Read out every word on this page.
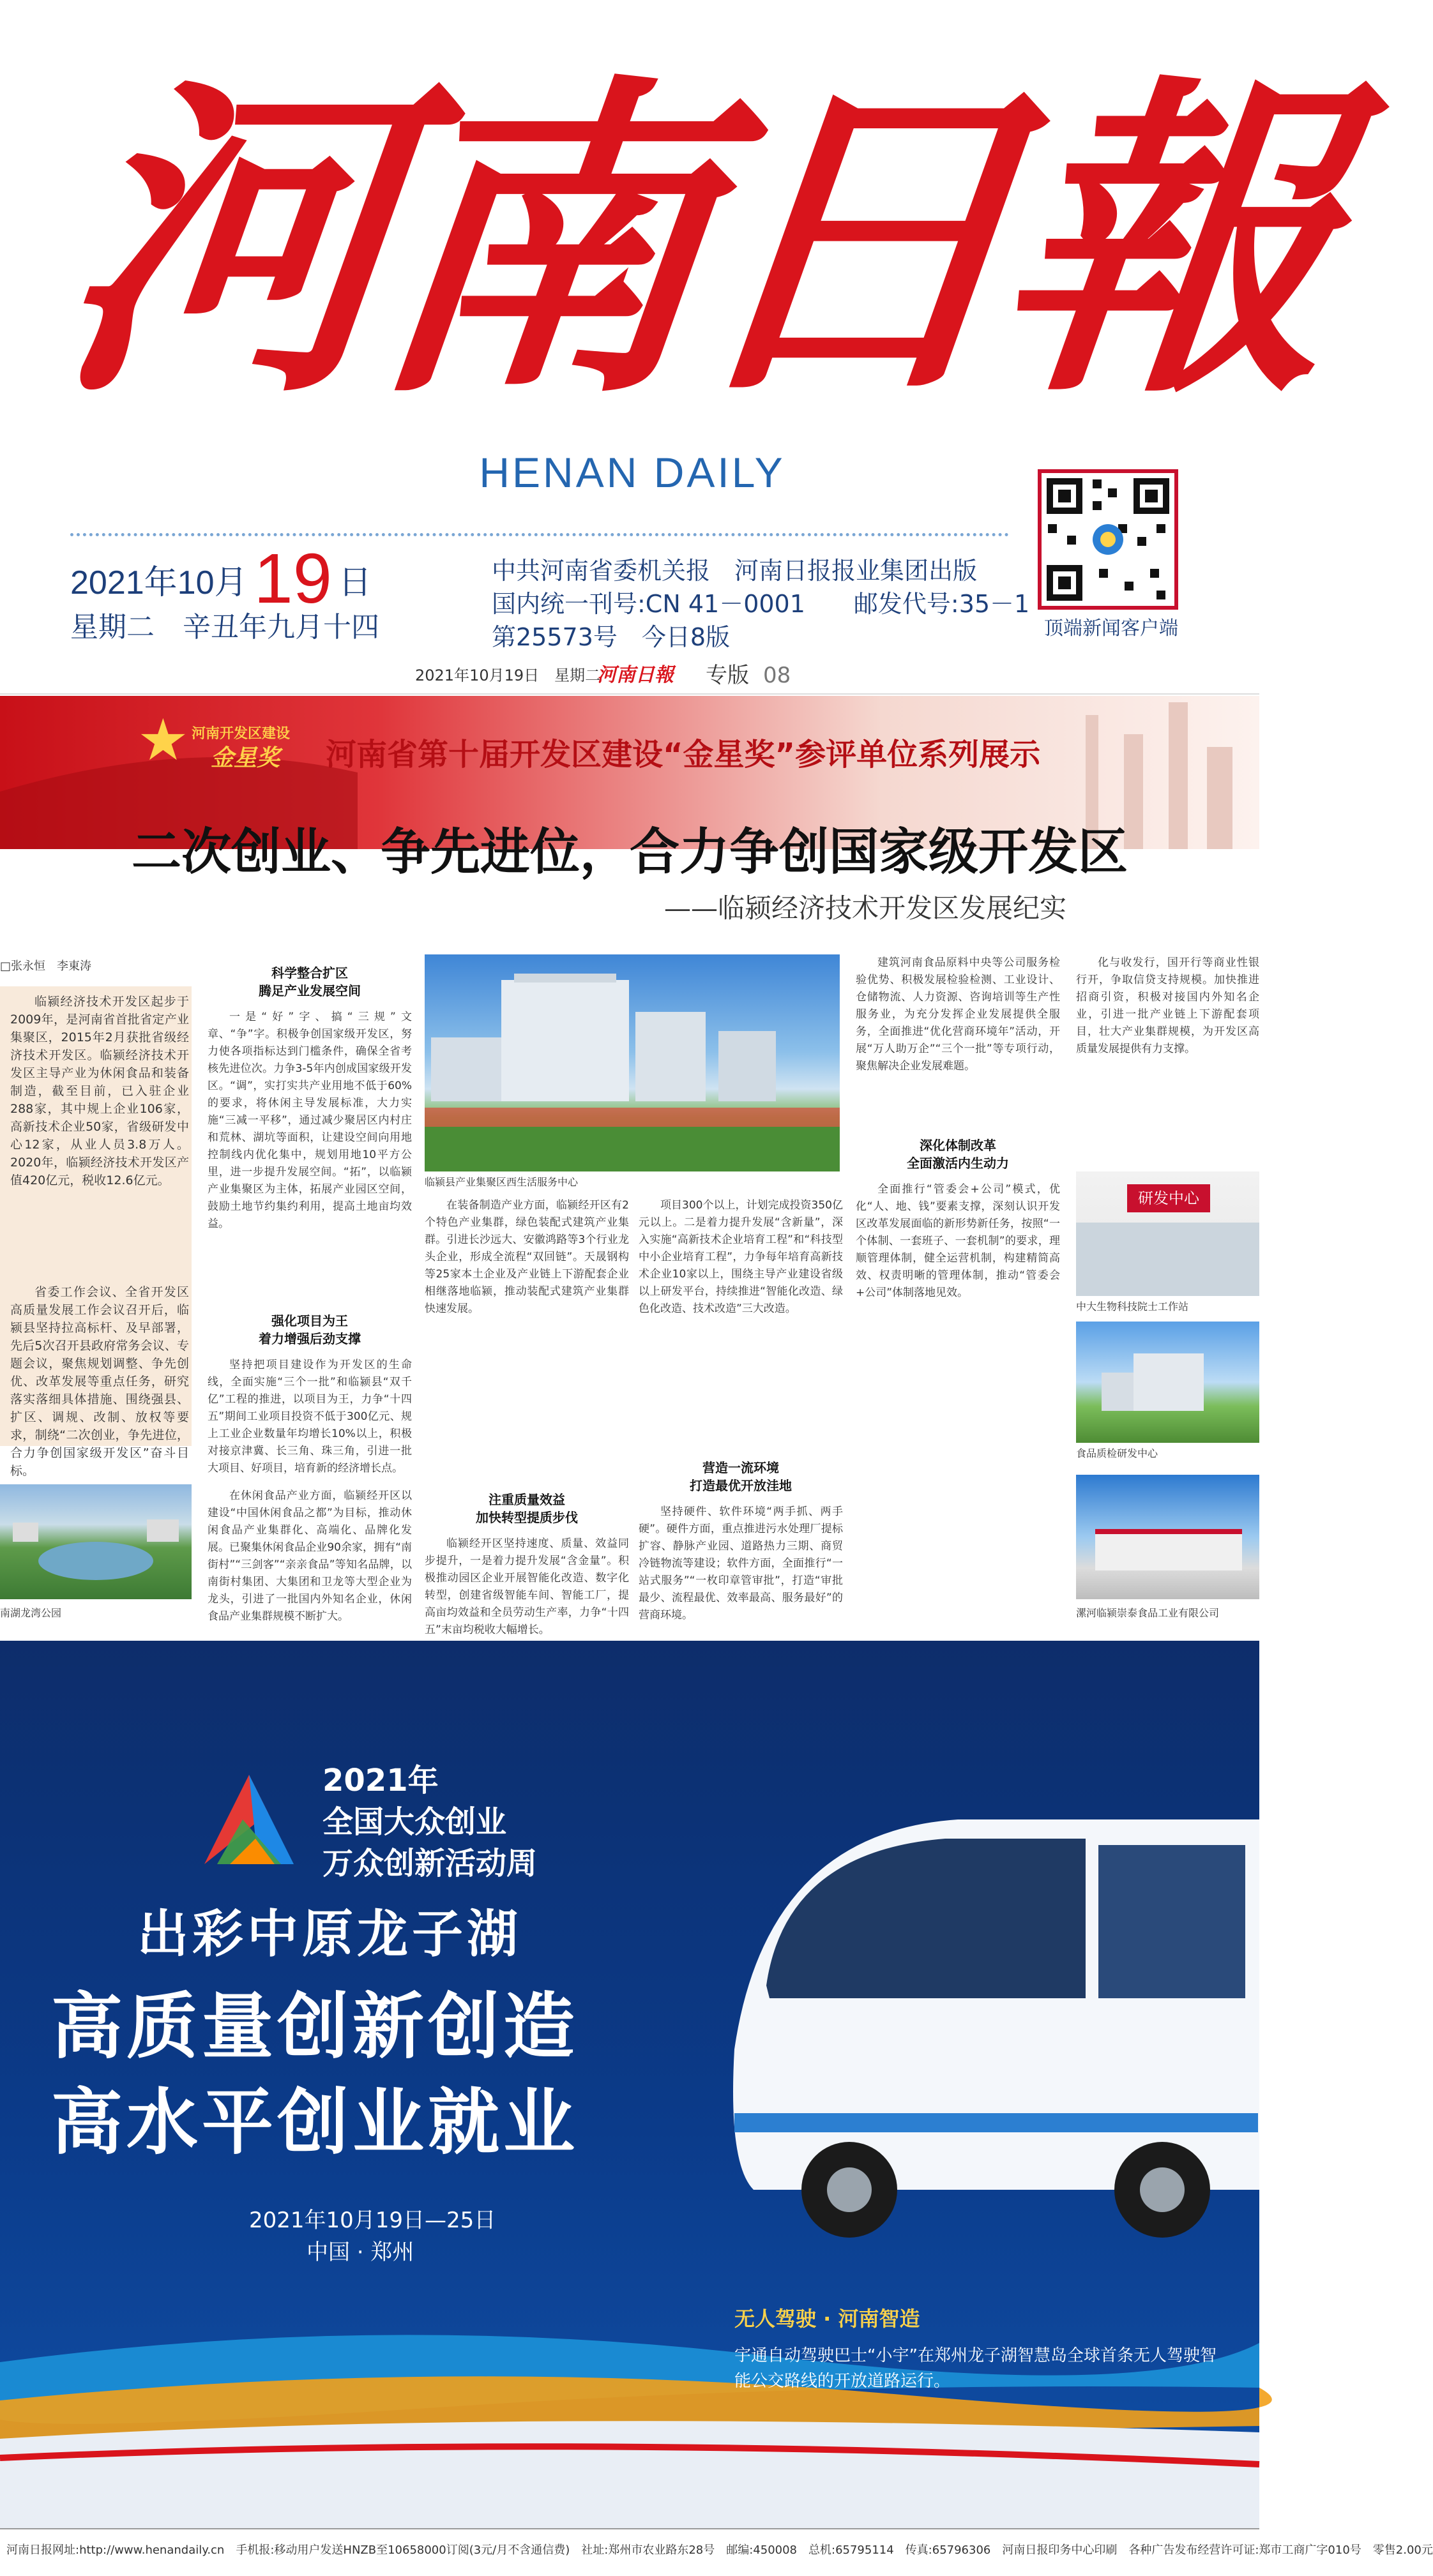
河南日報
HENAN DAILY
2021年10月19 日
星期二　辛丑年九月十四
中共河南省委机关报　河南日报报业集团出版
国内统一刊号:CN 41－0001　　邮发代号:35－1
第25573号　今日8版	顶端新闻客户端
2021年10月19日　星期二
河南日報 专版 08
★ 河南开发区建设
金星奖 河南省第十届开发区建设“金星奖”参评单位系列展示
二次创业、争先进位，合力争创国家级开发区
——临颍经济技术开发区发展纪实
□张永恒　李東涛

临颍经济技术开发区起步于2009年，是河南省首批省定产业集聚区，2015年2月获批省级经济技术开发区。临颍经济技术开发区主导产业为休闲食品和装备制造，截至目前，已入驻企业288家，其中规上企业106家，高新技术企业50家，省级研发中心12家，从业人员3.8万人。2020年，临颍经济技术开发区产值420亿元，税收12.6亿元。

省委工作会议、全省开发区高质量发展工作会议召开后，临颍县坚持拉高标杆、及早部署，先后5次召开县政府常务会议、专题会议，聚焦规划调整、争先创优、改革发展等重点任务，研究落实落细具体措施、围绕强县、扩区、调规、改制、放权等要求，制绕“二次创业，争先进位，合力争创国家级开发区”奋斗目标。

南湖龙湾公园
科学整合扩区
腾足产业发展空间

一是“好”字、搞“三规”文章、“争”字。积极争创国家级开发区，努力使各项指标达到门槛条件，确保全省考核先进位次。力争3-5年内创成国家级开发区。“调”，实打实共产业用地不低于60%的要求，将休闲主导发展标准，大力实施“三减一平移”，通过减少聚居区内村庄和荒林、湖坑等面积，让建设空间向用地控制线内优化集中，规划用地10平方公里，进一步提升发展空间。“拓”，以临颍产业集聚区为主体，拓展产业园区空间，鼓励土地节约集约利用，提高土地亩均效益。

强化项目为王
着力增强后劲支撑

坚持把项目建设作为开发区的生命线，全面实施“三个一批”和临颍县“双千亿”工程的推进，以项目为王，力争“十四五”期间工业项目投资不低于300亿元、规上工业企业数量年均增长10%以上，积极对接京津冀、长三角、珠三角，引进一批大项目、好项目，培育新的经济增长点。

在休闲食品产业方面，临颍经开区以建设“中国休闲食品之都”为目标，推动休闲食品产业集群化、高端化、品牌化发展。已聚集休闲食品企业90余家，拥有“南街村”“三剑客”“亲亲食品”等知名品牌，以南街村集团、大集团和卫龙等大型企业为龙头，引进了一批国内外知名企业，休闲食品产业集群规模不断扩大。

临颍县产业集聚区西生活服务中心

在装备制造产业方面，临颍经开区有2个特色产业集群，绿色装配式建筑产业集群。引进长沙远大、安徽鸿路等3个行业龙头企业，形成全流程“双回链”。天晟钢构等25家本土企业及产业链上下游配套企业相继落地临颍，推动装配式建筑产业集群快速发展。

注重质量效益
加快转型提质步伐

临颍经开区坚持速度、质量、效益同步提升，一是着力提升发展“含金量”。积极推动园区企业开展智能化改造、数字化转型，创建省级智能车间、智能工厂，提高亩均效益和全员劳动生产率，力争“十四五”末亩均税收大幅增长。

项目300个以上，计划完成投资350亿元以上。二是着力提升发展“含新量”，深入实施“高新技术企业培育工程”和“科技型中小企业培育工程”，力争每年培育高新技术企业10家以上，围绕主导产业建设省级以上研发平台，持续推进“智能化改造、绿色化改造、技术改造”三大改造。

营造一流环境
打造最优开放洼地

坚持硬件、软件环境“两手抓、两手硬”。硬件方面，重点推进污水处理厂提标扩容、静脉产业园、道路热力三期、商贸冷链物流等建设；软件方面，全面推行“一站式服务”“一枚印章管审批”，打造“审批最少、流程最优、效率最高、服务最好”的营商环境。

建筑河南食品原料中央等公司服务检验优势、积极发展检验检测、工业设计、仓储物流、人力资源、咨询培训等生产性服务业，为充分发挥企业发展提供全服务，全面推进“优化营商环境年”活动，开展“万人助万企”“三个一批”等专项行动，聚焦解决企业发展难题。

深化体制改革
全面激活内生动力

全面推行“管委会+公司”模式，优化“人、地、钱”要素支撑，深刻认识开发区改革发展面临的新形势新任务，按照“一个体制、一套班子、一套机制”的要求，理顺管理体制，健全运营机制，构建精简高效、权责明晰的管理体制，推动“管委会+公司”体制落地见效。

化与收发行，国开行等商业性银行开，争取信贷支持规模。加快推进招商引资，积极对接国内外知名企业，引进一批产业链上下游配套项目，壮大产业集群规模，为开发区高质量发展提供有力支撑。

研发中心
中大生物科技院士工作站
食品质检研发中心
漯河临颍崇泰食品工业有限公司
2021年
全国大众创业
万众创新活动周
出彩中原龙子湖
高质量创新创造
高水平创业就业
2021年10月19日—25日
中国 · 郑州
无人驾驶 · 河南智造
宇通自动驾驶巴士“小宇”在郑州龙子湖智慧岛全球首条无人驾驶智能公交路线的开放道路运行。
河南日报网址:http://www.henandaily.cn　手机报:移动用户发送HNZB至10658000订阅(3元/月不含通信费)　社址:郑州市农业路东28号　邮编:450008　总机:65795114　传真:65796306　河南日报印务中心印刷　各种广告发布经营许可证:郑市工商广字010号　零售2.00元
